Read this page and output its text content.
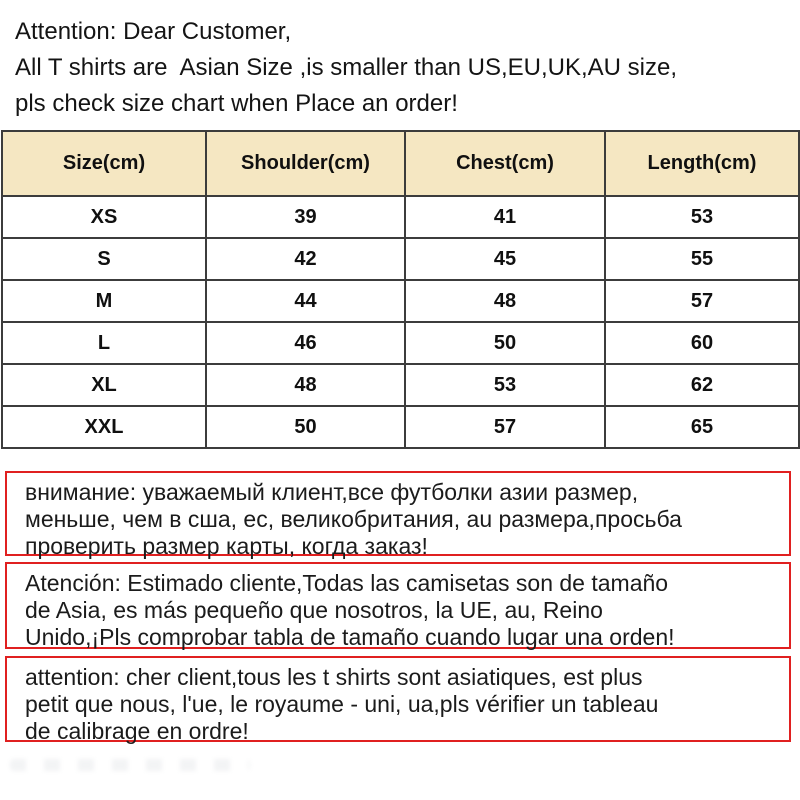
Attention: Dear Customer,
All T shirts are  Asian Size ,is smaller than US,EU,UK,AU size,
pls check size chart when Place an order!
Size(cm)	Shoulder(cm)	Chest(cm)	Length(cm)
XS	39	41	53
S	42	45	55
M	44	48	57
L	46	50	60
XL	48	53	62
XXL	50	57	65
внимание: уважаемый клиент,все футболки азии размер,
меньше, чем в сша, ес, великобритания, au размера,просьба
проверить размер карты, когда заказ!
Atención: Estimado cliente,Todas las camisetas son de tamaño
de Asia, es más pequeño que nosotros, la UE, au, Reino
Unido,¡Pls comprobar tabla de tamaño cuando lugar una orden!
attention: cher client,tous les t shirts sont asiatiques, est plus
petit que nous, l'ue, le royaume - uni, ua,pls vérifier un tableau
de calibrage en ordre!
